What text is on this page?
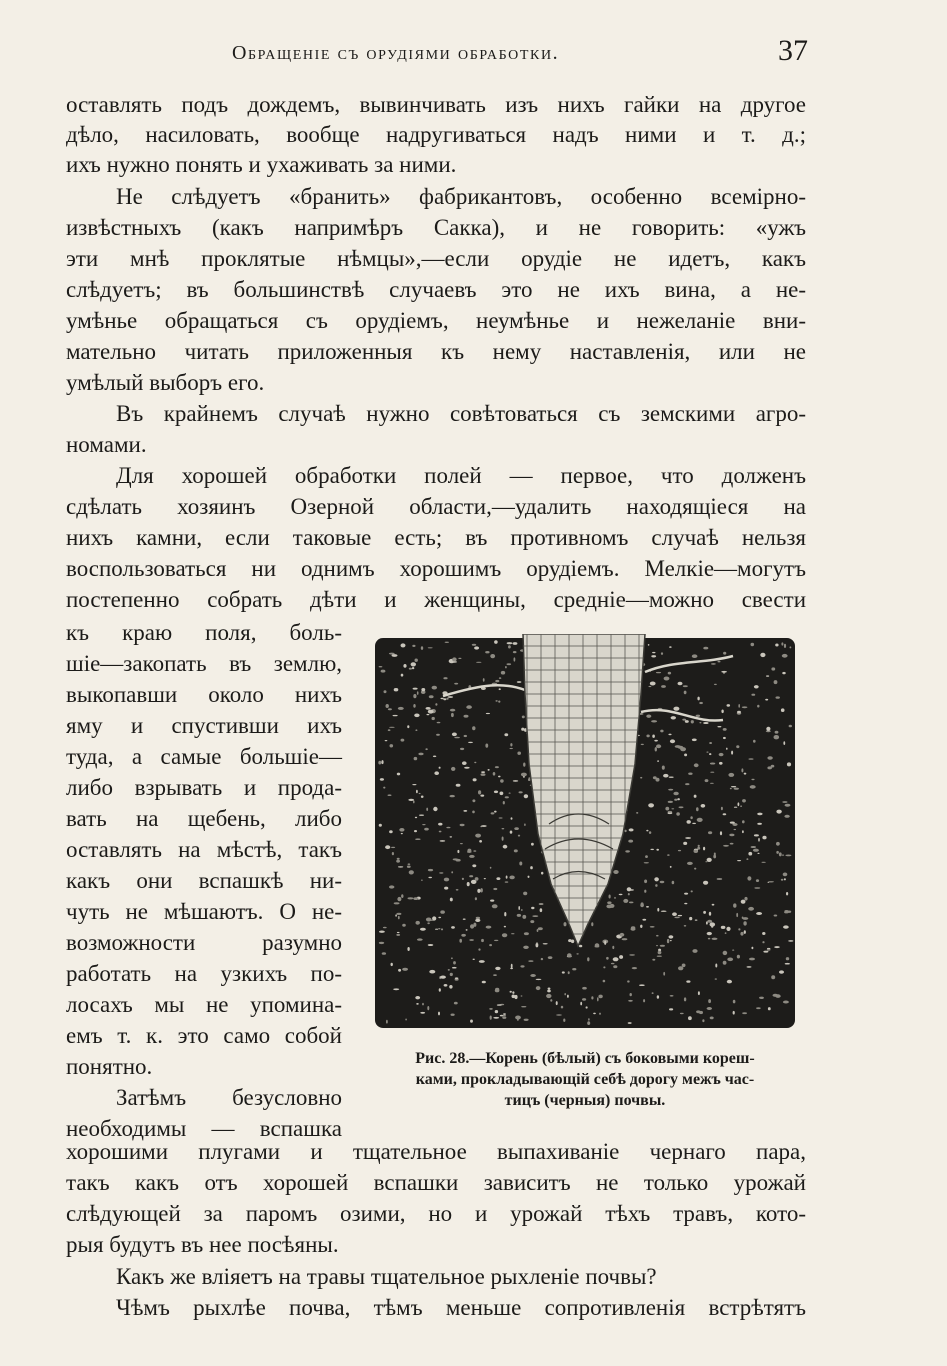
Обращеніе съ орудіями обработки.	37
оставлять подъ дождемъ, вывинчивать изъ нихъ гайки на другое
дѣло, насиловать, вообще надругиваться надъ ними и т. д.;
ихъ нужно понять и ухаживать за ними.
Не слѣдуетъ «бранить» фабрикантовъ, особенно всемірно-
извѣстныхъ (какъ напримѣръ Сакка), и не говорить: «ужъ
эти мнѣ проклятые нѣмцы»,—если орудіе не идетъ, какъ
слѣдуетъ; въ большинствѣ случаевъ это не ихъ вина, а не-
умѣнье обращаться съ орудіемъ, неумѣнье и нежеланіе вни-
мательно читать приложенныя къ нему наставленія, или не
умѣлый выборъ его.
Въ крайнемъ случаѣ нужно совѣтоваться съ земскими агро-
номами.
Для хорошей обработки полей — первое, что долженъ
сдѣлать хозяинъ Озерной области,—удалить находящіеся на
нихъ камни, если таковые есть; въ противномъ случаѣ нельзя
воспользоваться ни однимъ хорошимъ орудіемъ. Мелкіе—могутъ
постепенно собрать дѣти и женщины, средніе—можно свести
къ краю поля, боль-
шіе—закопать въ землю,
выкопавши около нихъ
яму и спустивши ихъ
туда, а самые большіе—
либо взрывать и прода-
вать на щебень, либо
оставлять на мѣстѣ, такъ
какъ они вспашкѣ ни-
чуть не мѣшаютъ. О не-
возможности разумно
работать на узкихъ по-
лосахъ мы не упомина-
емъ т. к. это само собой
понятно.
Затѣмъ безусловно
необходимы — вспашка
Рис. 28.—Корень (бѣлый) съ боковыми кореш-
ками, прокладывающій себѣ дорогу межъ час-
тицъ (черныя) почвы.
хорошими плугами и тщательное выпахиваніе чернаго пара,
такъ какъ отъ хорошей вспашки зависитъ не только урожай
слѣдующей за паромъ озими, но и урожай тѣхъ травъ, кото-
рыя будутъ въ нее посѣяны.
Какъ же вліяетъ на травы тщательное рыхленіе почвы?
Чѣмъ рыхлѣе почва, тѣмъ меньше сопротивленія встрѣтятъ
